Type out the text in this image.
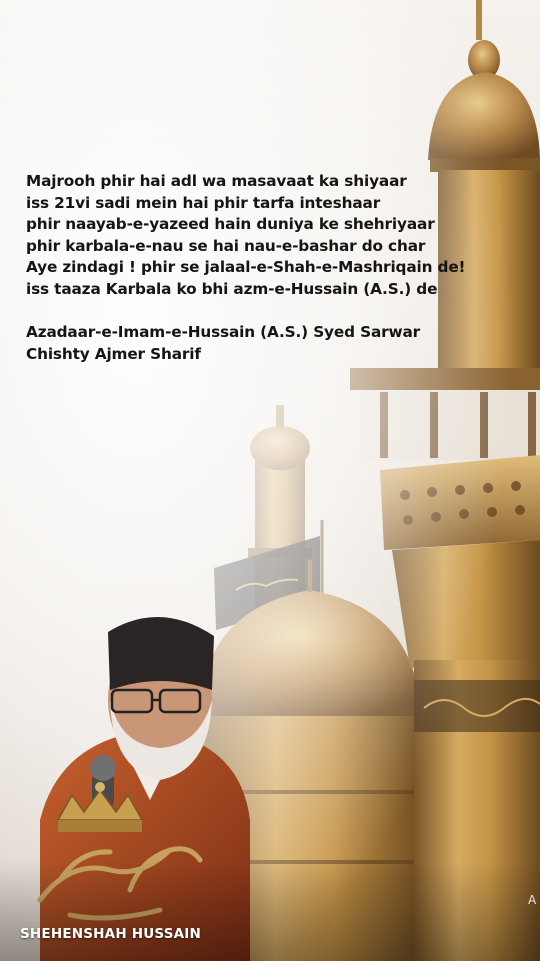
Majrooh phir hai adl wa masavaat ka shiyaar
iss 21vi sadi mein hai phir tarfa inteshaar
phir naayab-e-yazeed hain duniya ke shehriyaar
phir karbala-e-nau se hai nau-e-bashar do char
Aye zindagi ! phir se jalaal-e-Shah-e-Mashriqain de!
iss taaza Karbala ko bhi azm-e-Hussain (A.S.) de
Azadaar-e-Imam-e-Hussain (A.S.) Syed Sarwar
Chishty Ajmer Sharif
SHEHENSHAH HUSSAIN
A
